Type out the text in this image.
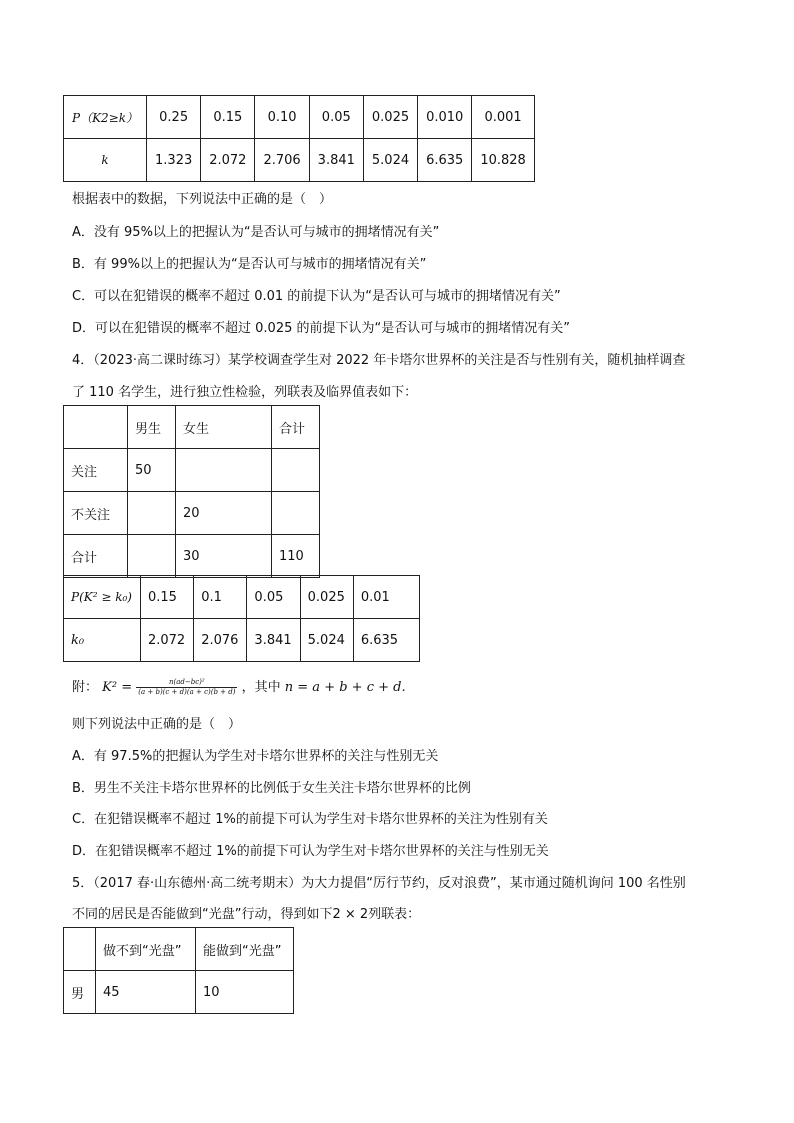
P（K2≥k）	0.25	0.15	0.10	0.05	0.025	0.010	0.001
k	1.323	2.072	2.706	3.841	5.024	6.635	10.828
根据表中的数据，下列说法中正确的是（　）
A．没有 95%以上的把握认为“是否认可与城市的拥堵情况有关”
B．有 99%以上的把握认为“是否认可与城市的拥堵情况有关”
C．可以在犯错误的概率不超过 0.01 的前提下认为“是否认可与城市的拥堵情况有关”
D．可以在犯错误的概率不超过 0.025 的前提下认为“是否认可与城市的拥堵情况有关”
4．（2023·高二课时练习）某学校调查学生对 2022 年卡塔尔世界杯的关注是否与性别有关，随机抽样调查
了 110 名学生，进行独立性检验，列联表及临界值表如下：
	男生	女生	合计
关注	50		
不关注		20	
合计		30	110
P(K² ≥ k₀)	0.15	0.1	0.05	0.025	0.01
k₀	2.072	2.076	3.841	5.024	6.635
附： $K^2 = \frac{\text{n(ad−bc)²}}{(a + b)(c + d)(a + c)(b + d)}$ ，其中 n = a + b + c + d.
则下列说法中正确的是（　）
A．有 97.5%的把握认为学生对卡塔尔世界杯的关注与性别无关
B．男生不关注卡塔尔世界杯的比例低于女生关注卡塔尔世界杯的比例
C．在犯错误概率不超过 1%的前提下可认为学生对卡塔尔世界杯的关注为性别有关
D．在犯错误概率不超过 1%的前提下可认为学生对卡塔尔世界杯的关注与性别无关
5．（2017 春·山东德州·高二统考期末）为大力提倡“厉行节约，反对浪费”，某市通过随机询问 100 名性别
不同的居民是否能做到“光盘”行动，得到如下2 × 2列联表：
	做不到“光盘”	能做到“光盘”
男	45	10
